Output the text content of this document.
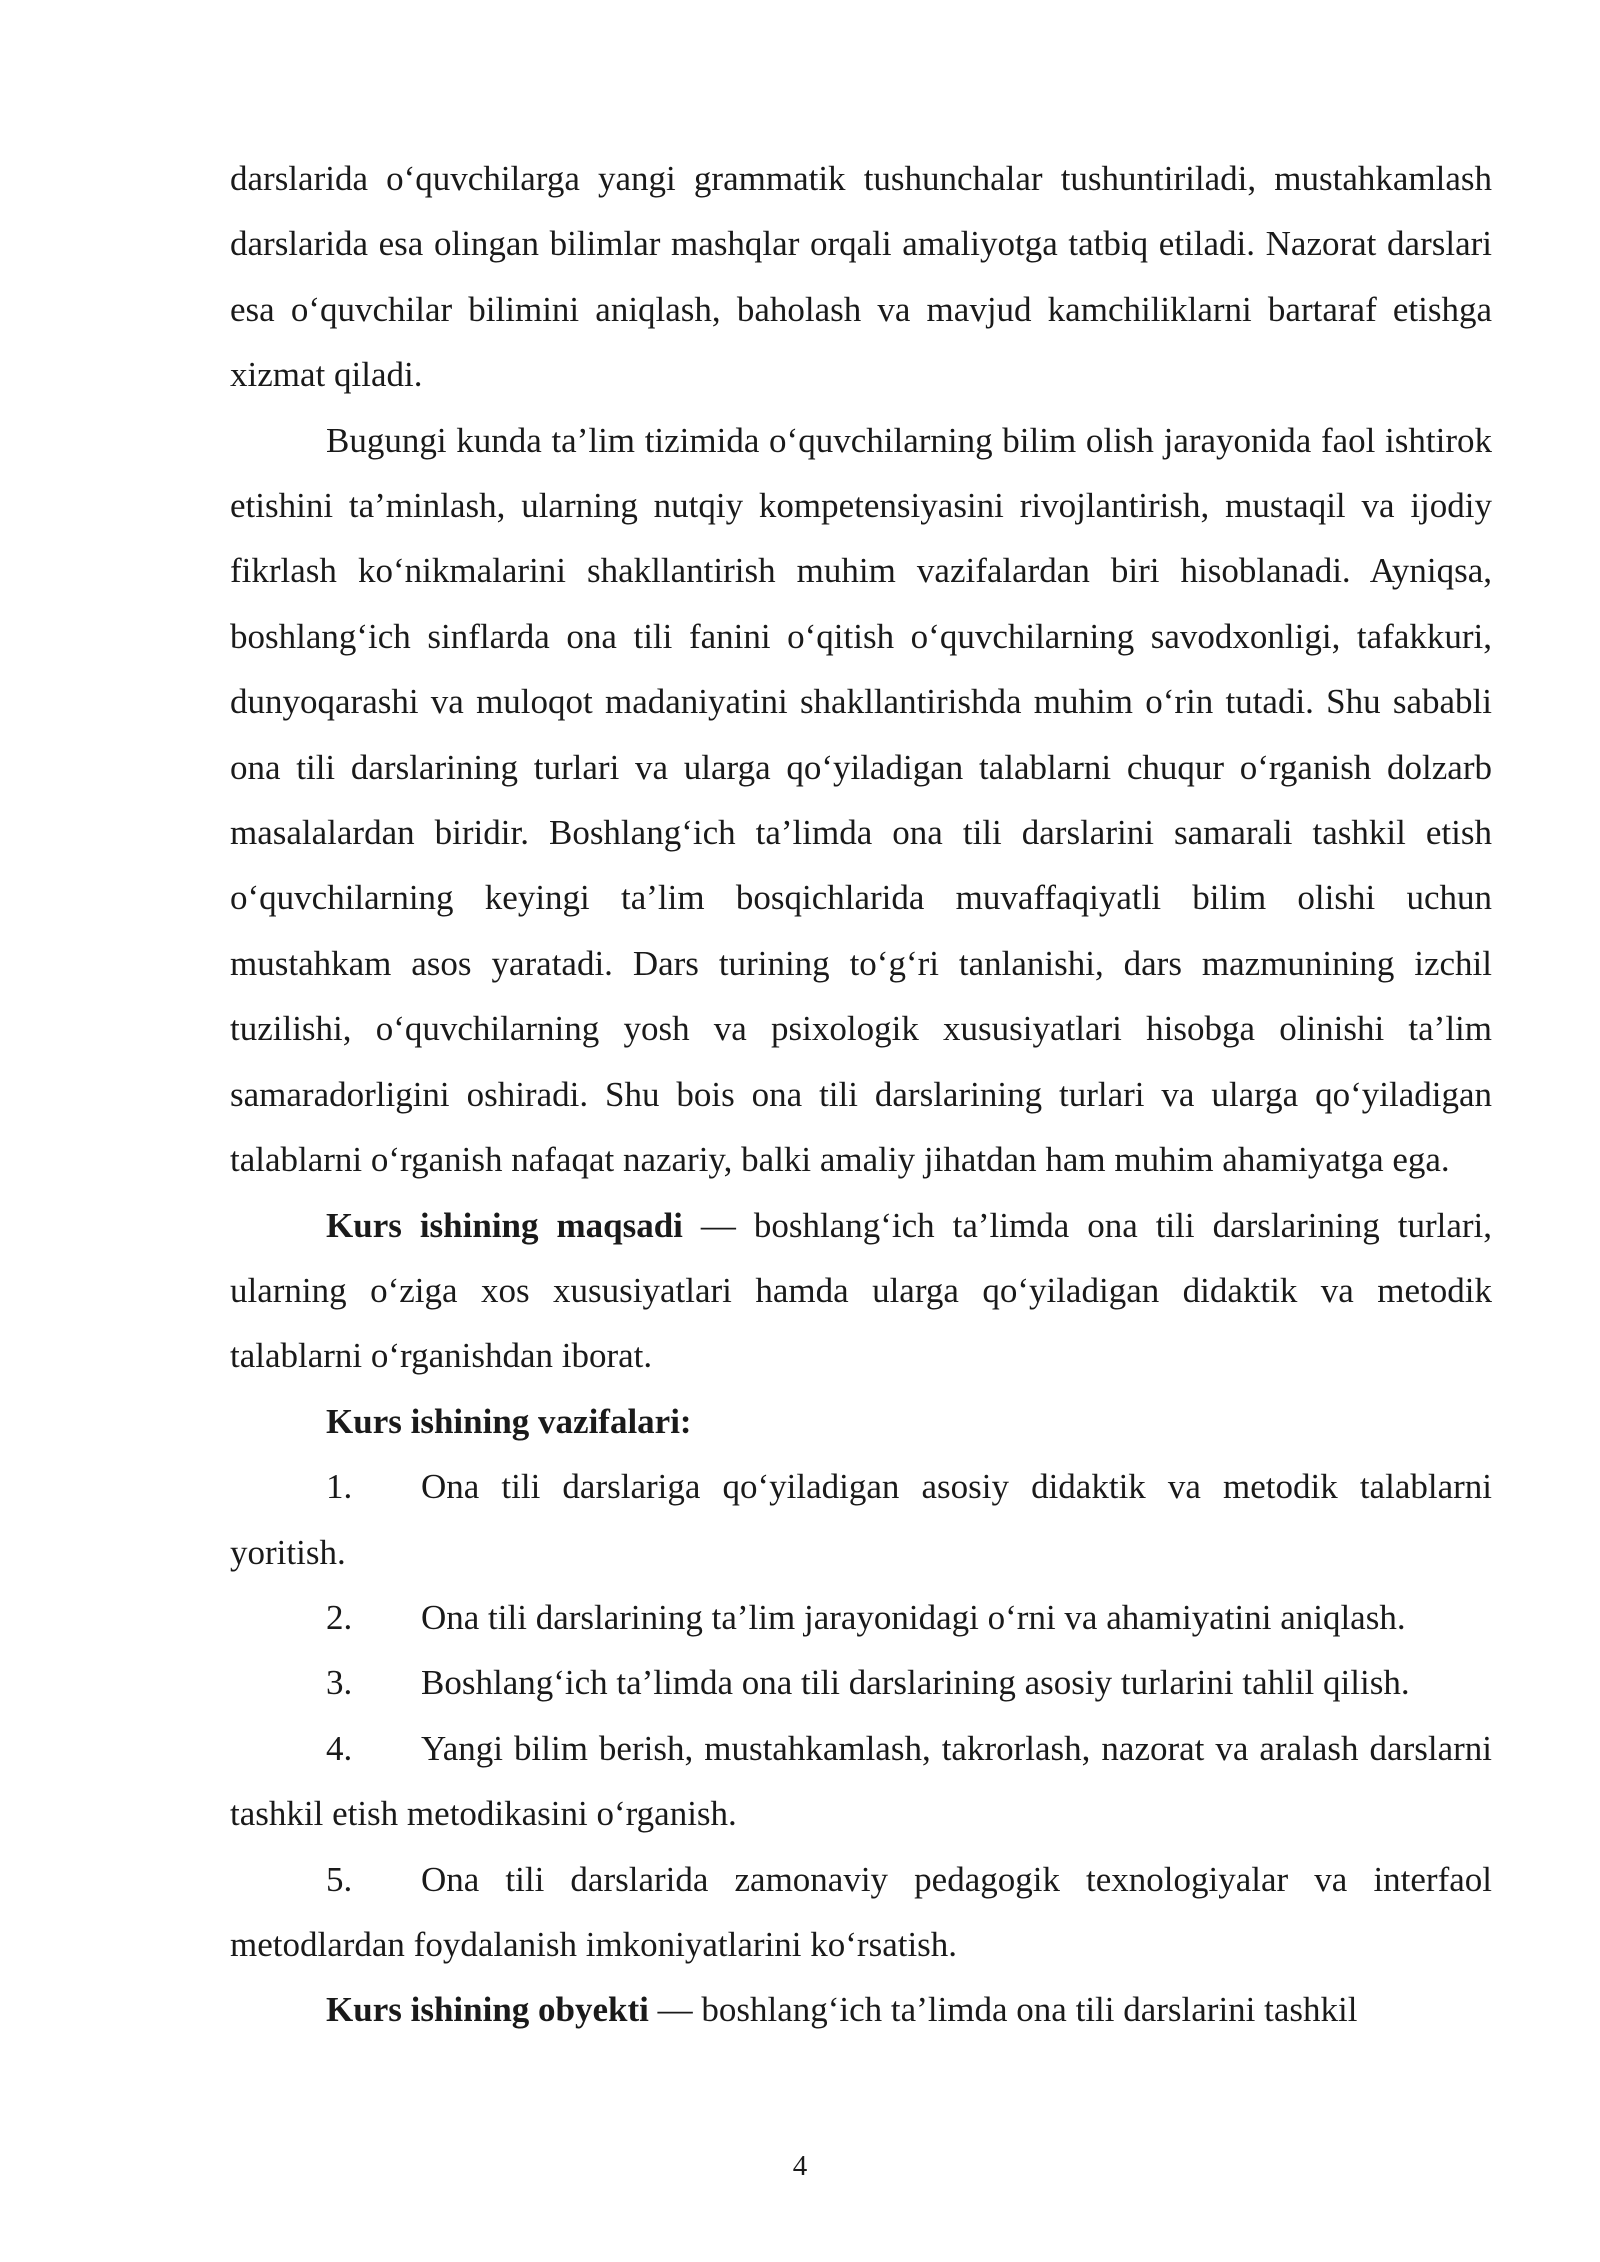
darslarida o‘quvchilarga yangi grammatik tushunchalar tushuntiriladi, mustahkamlash darslarida esa olingan bilimlar mashqlar orqali amaliyotga tatbiq etiladi. Nazorat darslari esa o‘quvchilar bilimini aniqlash, baholash va mavjud kamchiliklarni bartaraf etishga xizmat qiladi.

Bugungi kunda ta’lim tizimida o‘quvchilarning bilim olish jarayonida faol ishtirok etishini ta’minlash, ularning nutqiy kompetensiyasini rivojlantirish, mustaqil va ijodiy fikrlash ko‘nikmalarini shakllantirish muhim vazifalardan biri hisoblanadi. Ayniqsa, boshlang‘ich sinflarda ona tili fanini o‘qitish o‘quvchilarning savodxonligi, tafakkuri, dunyoqarashi va muloqot madaniyatini shakllantirishda muhim o‘rin tutadi. Shu sababli ona tili darslarining turlari va ularga qo‘yiladigan talablarni chuqur o‘rganish dolzarb masalalardan biridir. Boshlang‘ich ta’limda ona tili darslarini samarali tashkil etish o‘quvchilarning keyingi ta’lim bosqichlarida muvaffaqiyatli bilim olishi uchun mustahkam asos yaratadi. Dars turining to‘g‘ri tanlanishi, dars mazmunining izchil tuzilishi, o‘quvchilarning yosh va psixologik xususiyatlari hisobga olinishi ta’lim samaradorligini oshiradi. Shu bois ona tili darslarining turlari va ularga qo‘yiladigan talablarni o‘rganish nafaqat nazariy, balki amaliy jihatdan ham muhim ahamiyatga ega.

Kurs ishining maqsadi — boshlang‘ich ta’limda ona tili darslarining turlari, ularning o‘ziga xos xususiyatlari hamda ularga qo‘yiladigan didaktik va metodik talablarni o‘rganishdan iborat.

Kurs ishining vazifalari:

1. Ona tili darslariga qo‘yiladigan asosiy didaktik va metodik talablarni yoritish.

2. Ona tili darslarining ta’lim jarayonidagi o‘rni va ahamiyatini aniqlash.

3. Boshlang‘ich ta’limda ona tili darslarining asosiy turlarini tahlil qilish.

4. Yangi bilim berish, mustahkamlash, takrorlash, nazorat va aralash darslarni tashkil etish metodikasini o‘rganish.

5. Ona tili darslarida zamonaviy pedagogik texnologiyalar va interfaol metodlardan foydalanish imkoniyatlarini ko‘rsatish.

Kurs ishining obyekti — boshlang‘ich ta’limda ona tili darslarini tashkil

4
